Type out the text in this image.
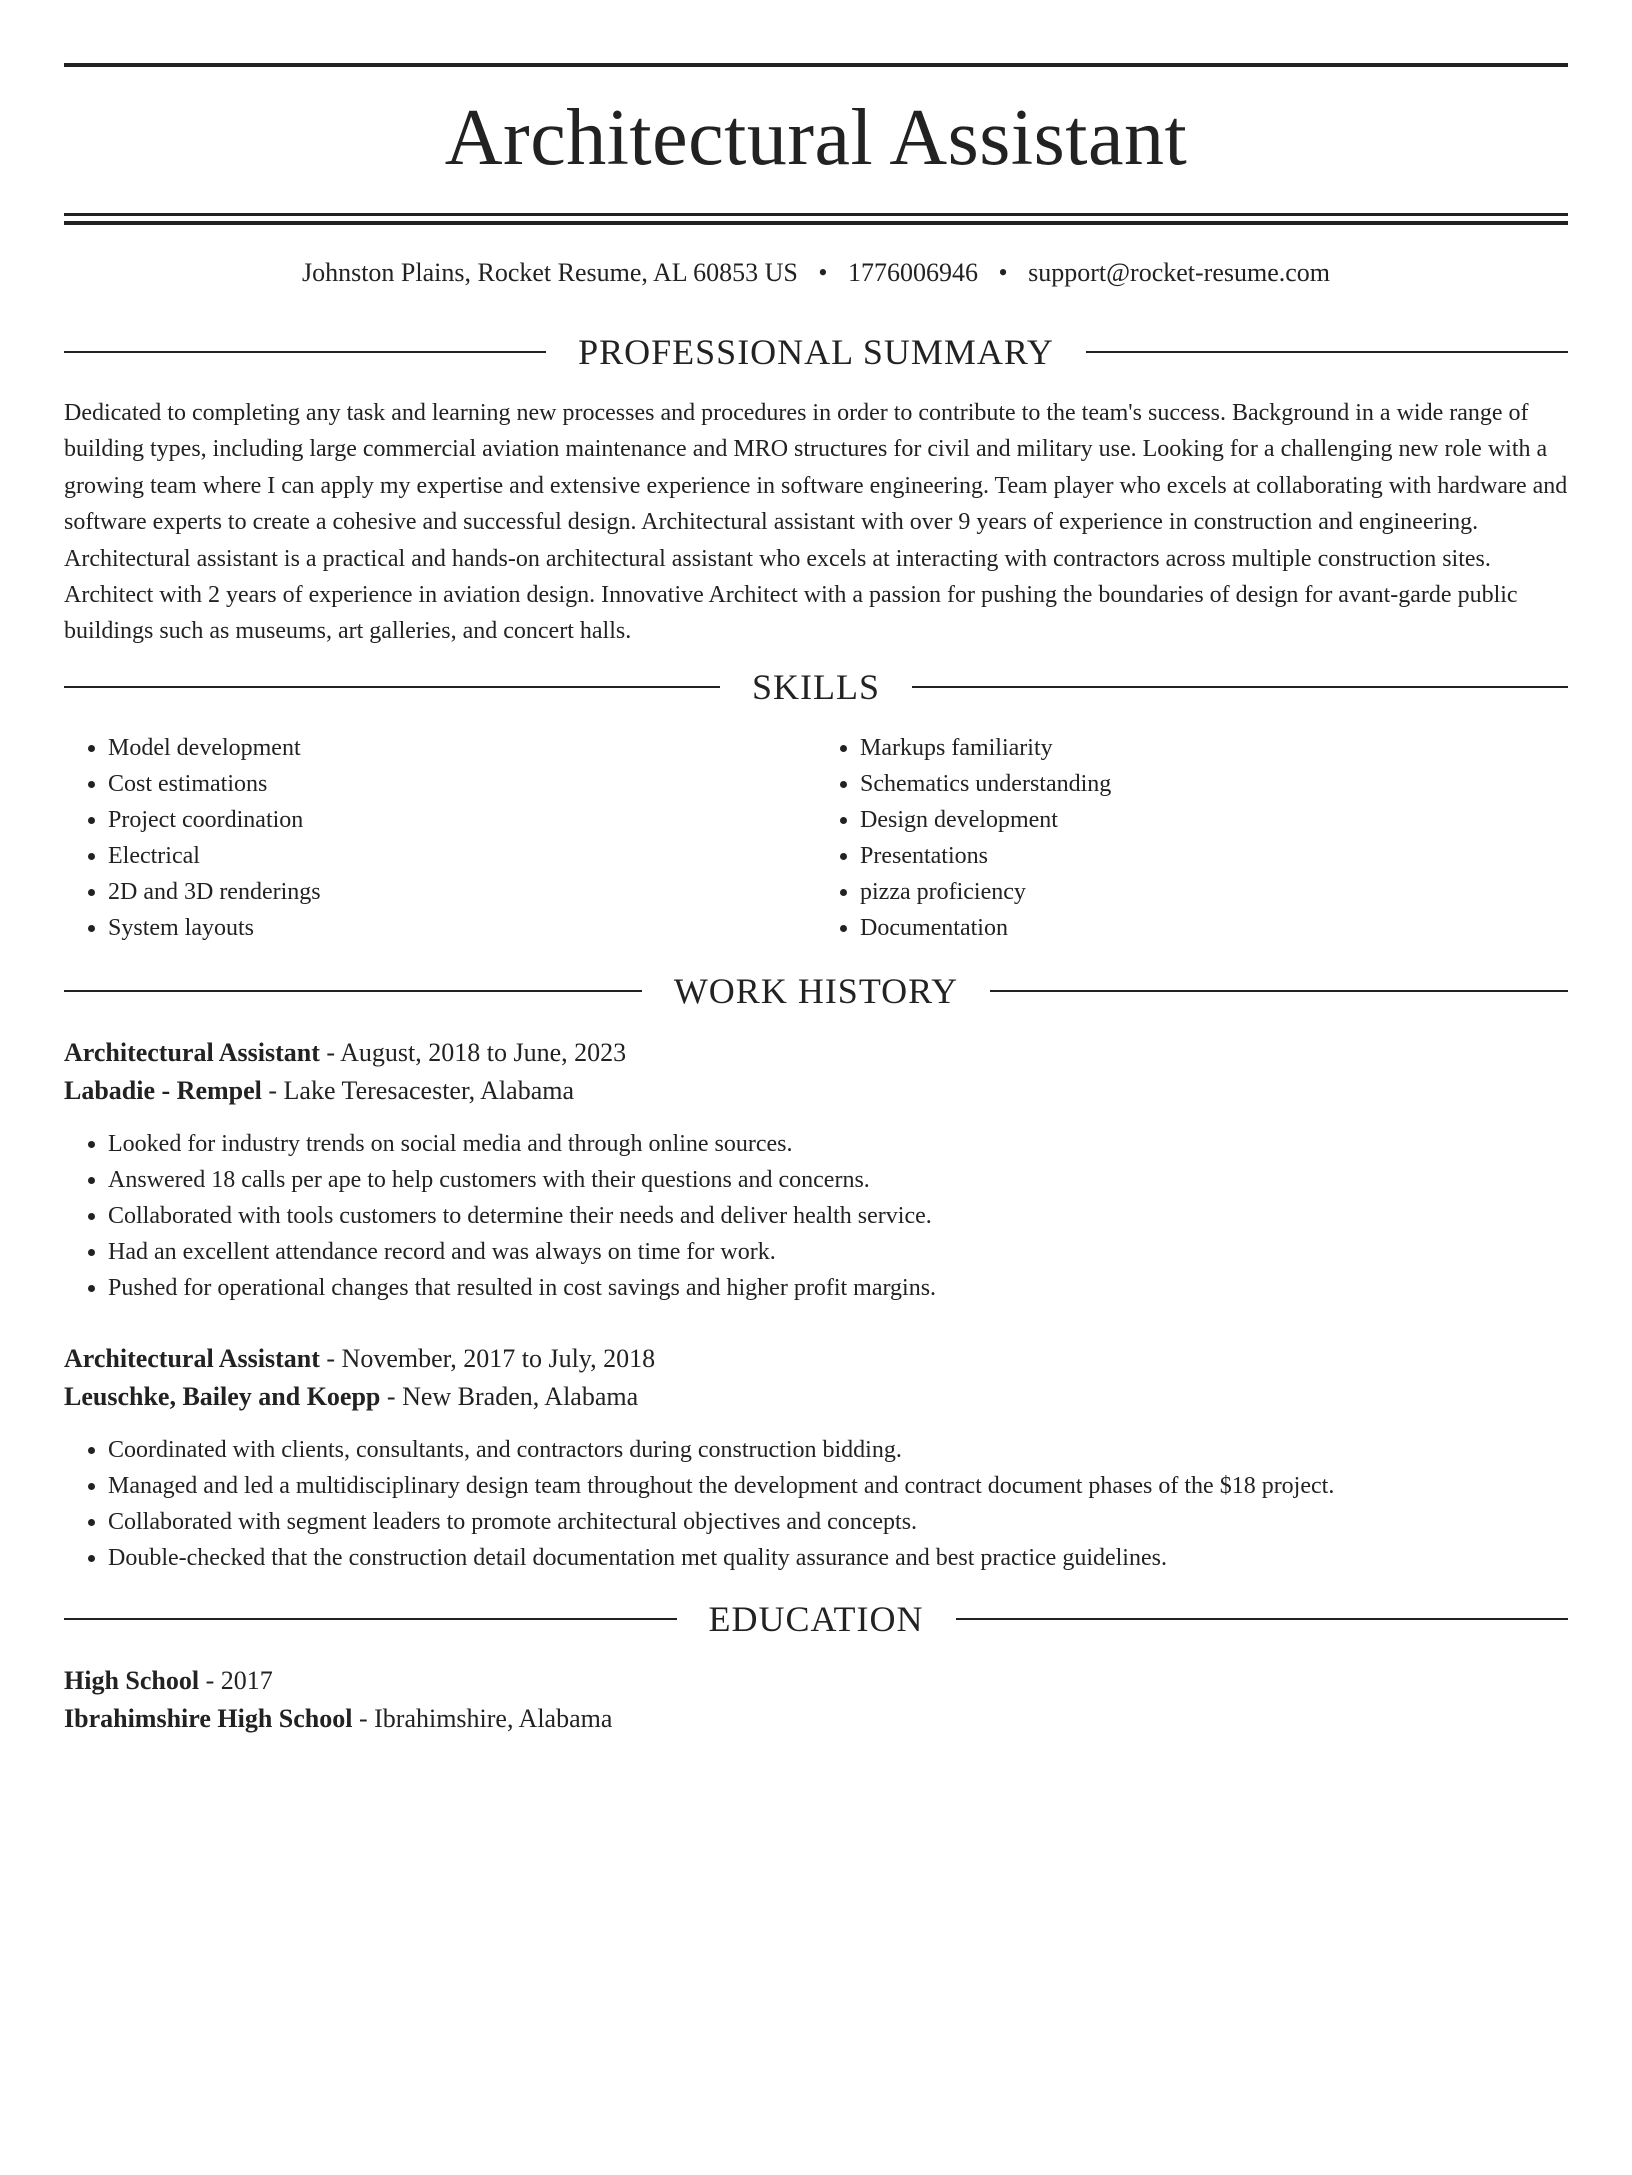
Architectural Assistant
Johnston Plains, Rocket Resume, AL 60853 US • 1776006946 • support@rocket-resume.com
PROFESSIONAL SUMMARY

Dedicated to completing any task and learning new processes and procedures in order to contribute to the team's success. Background in a wide range of building types, including large commercial aviation maintenance and MRO structures for civil and military use. Looking for a challenging new role with a growing team where I can apply my expertise and extensive experience in software engineering. Team player who excels at collaborating with hardware and software experts to create a cohesive and successful design. Architectural assistant with over 9 years of experience in construction and engineering. Architectural assistant is a practical and hands-on architectural assistant who excels at interacting with contractors across multiple construction sites. Architect with 2 years of experience in aviation design. Innovative Architect with a passion for pushing the boundaries of design for avant-garde public buildings such as museums, art galleries, and concert halls.

SKILLS
• Model development
• Cost estimations
• Project coordination
• Electrical
• 2D and 3D renderings
• System layouts
• Markups familiarity
• Schematics understanding
• Design development
• Presentations
• pizza proficiency
• Documentation
WORK HISTORY
Architectural Assistant - August, 2018 to June, 2023
Labadie - Rempel - Lake Teresacester, Alabama
• Looked for industry trends on social media and through online sources.
• Answered 18 calls per ape to help customers with their questions and concerns.
• Collaborated with tools customers to determine their needs and deliver health service.
• Had an excellent attendance record and was always on time for work.
• Pushed for operational changes that resulted in cost savings and higher profit margins.
Architectural Assistant - November, 2017 to July, 2018
Leuschke, Bailey and Koepp - New Braden, Alabama
• Coordinated with clients, consultants, and contractors during construction bidding.
• Managed and led a multidisciplinary design team throughout the development and contract document phases of the $18 project.
• Collaborated with segment leaders to promote architectural objectives and concepts.
• Double-checked that the construction detail documentation met quality assurance and best practice guidelines.
EDUCATION
High School - 2017
Ibrahimshire High School - Ibrahimshire, Alabama
